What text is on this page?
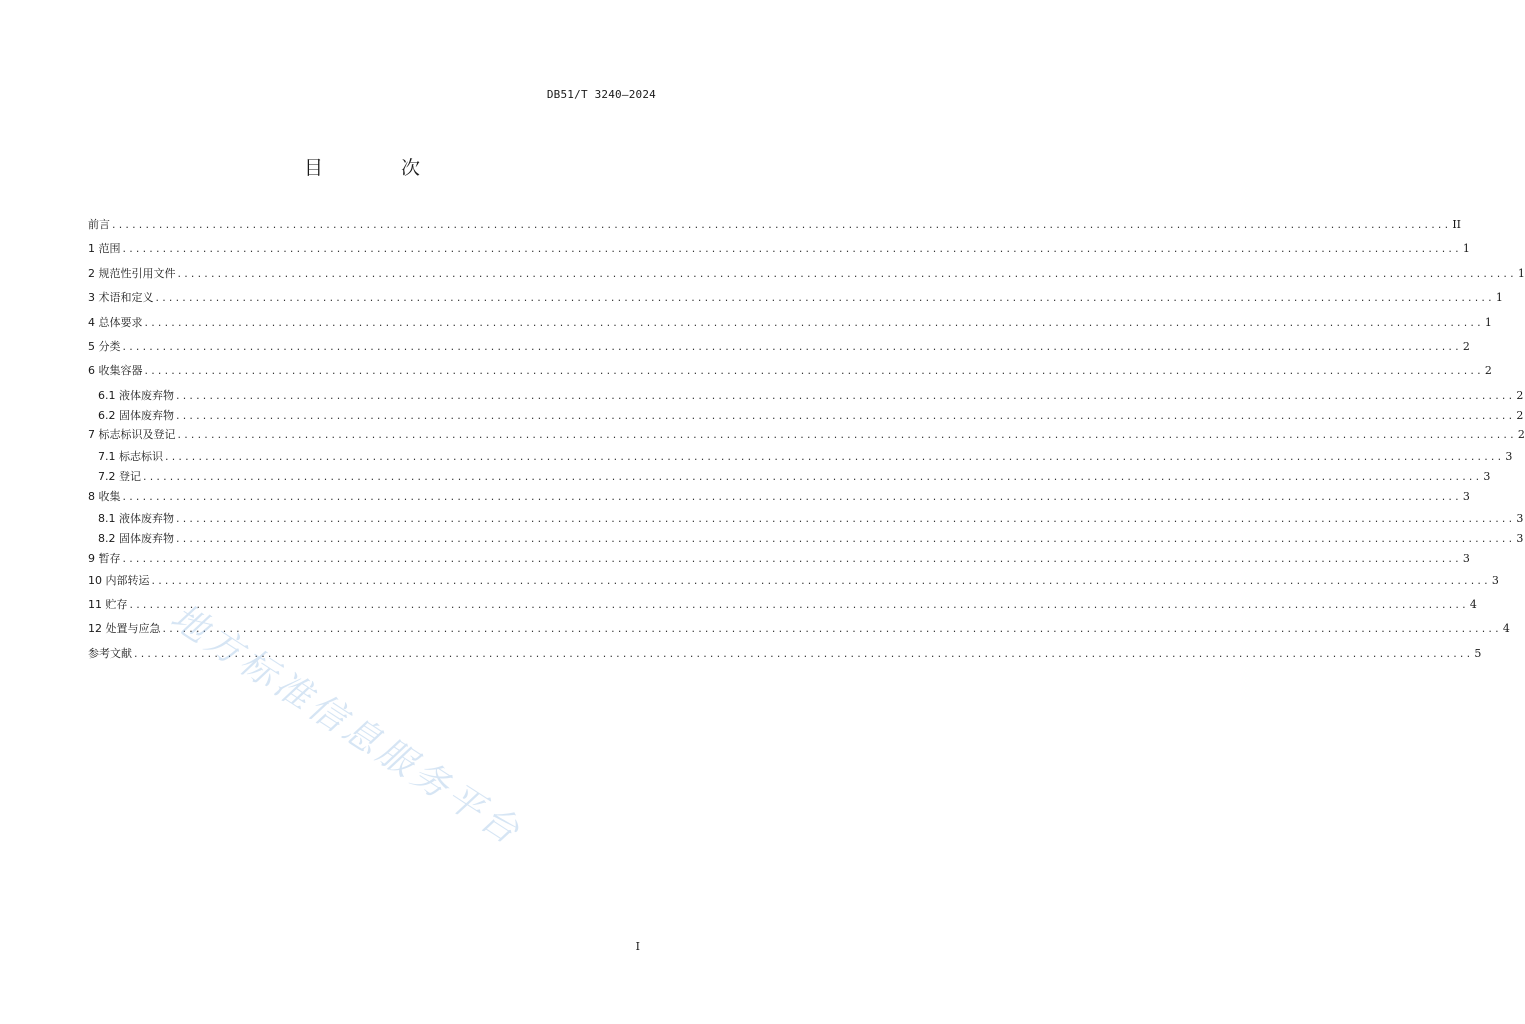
DB51/T 3240—2024
目 次
前言 ........................................................................................................................................................................................................ II
1 范围 ........................................................................................................................................................................................................ 1
2 规范性引用文件 ........................................................................................................................................................................................................ 1
3 术语和定义 ........................................................................................................................................................................................................ 1
4 总体要求 ........................................................................................................................................................................................................ 1
5 分类 ........................................................................................................................................................................................................ 2
6 收集容器 ........................................................................................................................................................................................................ 2
6.1 液体废弃物 ........................................................................................................................................................................................................ 2
6.2 固体废弃物 ........................................................................................................................................................................................................ 2
7 标志标识及登记 ........................................................................................................................................................................................................ 2
7.1 标志标识 ........................................................................................................................................................................................................ 3
7.2 登记 ........................................................................................................................................................................................................ 3
8 收集 ........................................................................................................................................................................................................ 3
8.1 液体废弃物 ........................................................................................................................................................................................................ 3
8.2 固体废弃物 ........................................................................................................................................................................................................ 3
9 暂存 ........................................................................................................................................................................................................ 3
10 内部转运 ........................................................................................................................................................................................................ 3
11 贮存 ........................................................................................................................................................................................................ 4
12 处置与应急 ........................................................................................................................................................................................................ 4
参考文献 ........................................................................................................................................................................................................ 5
地方标准信息服务平台
I
